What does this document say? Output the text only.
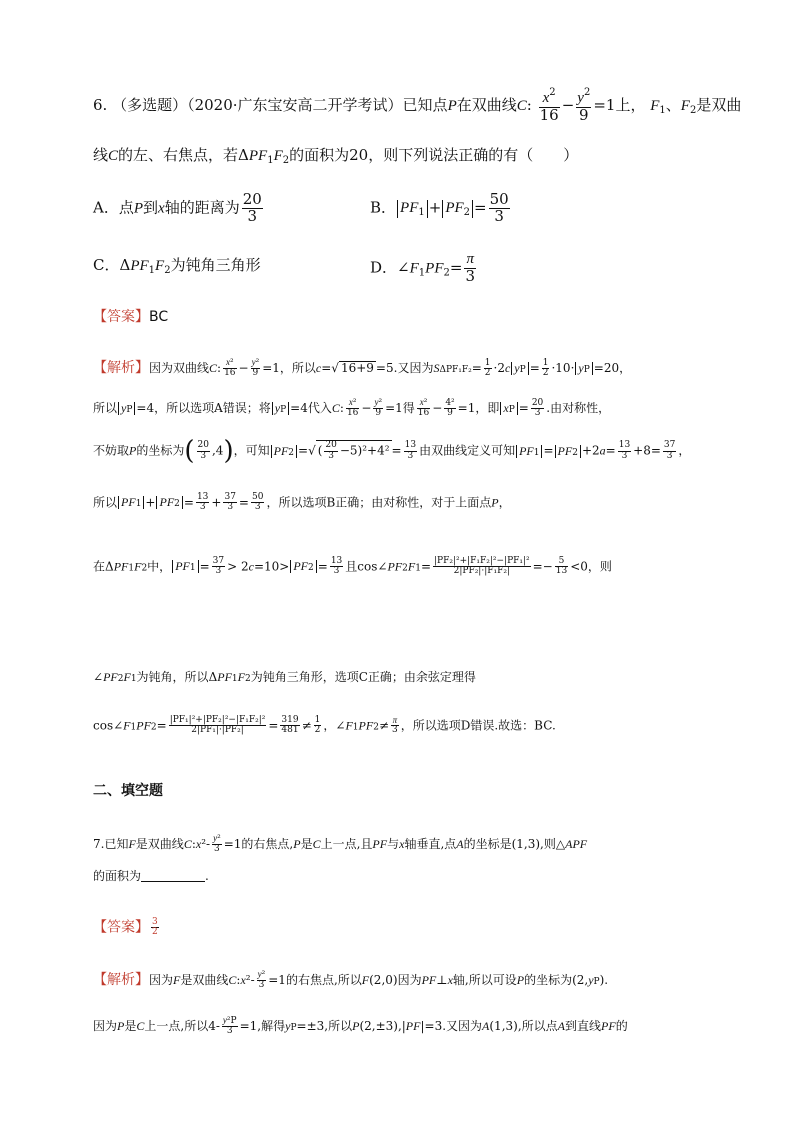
6. （多选题）（2020·广东宝安高二开学考试）已知点P在双曲线C: $\frac{x^2}{16} - \frac{y^2}{9} =1$上， $F_1$、$F_2$是双曲
线C的左、右焦点，若$\Delta PF_1F_2$的面积为20，则下列说法正确的有（　　）
A．点P到x轴的距离为 $\frac{20}{3}$	B． $PF_1 + PF_2 = \frac{50}{3}$
C．$\Delta PF_1F_2$为钝角三角形	D．$\angle F_1PF_2= \frac{\pi}{3}$
【答案】BC
【解析】因为双曲线C: $\frac{\text{x²}}{16} - \frac{\text{y²}}{9} =1$，所以c=√ 16+9 =5.又因为$S\Delta PF_1F_2= \frac{1}{2} \cdot 2c$ yP = $\frac{1}{2} \cdot 10\cdot$ yP =20，
所以 yP =4，所以选项A错误；将 yP =4代入C: $\frac{\text{x²}}{16} - \frac{\text{y²}}{9} =1$得 $\frac{\text{x²}}{16} - \frac{\text{4²}}{9} =1$，即 xP = $\frac{20}{3}$ .由对称性，
不妨取P的坐标为( $\frac{20}{3} ,4$)，可知 PF2 =√ ( $\frac{20}{3} -5)^2+4^2 = \frac{13}{3}$ 由双曲线定义可知 $PF1 = PF2 +2a= \frac{13}{3} +8= \frac{37}{3}$ ，
所以 $PF1 + PF2 = \frac{13}{3} + \frac{37}{3} = \frac{50}{3}$ ，所以选项B正确；由对称性，对于上面点P，
在ΔPF1F2中， $PF1 = \frac{37}{3} > 2c=10> PF2 = \frac{13}{3}$ 且cos∠PF2F1= $\frac{\text{|PF₂|²+|F₁F₂|²−|PF₁|²}}{\text{2|PF₂|·|F₁F₂|}} =- \frac{5}{13} <0$，则
∠PF2F1为钝角，所以ΔPF1F2为钝角三角形，选项C正确；由余弦定理得
cos∠F1PF2= $\frac{\text{|PF₁|²+|PF₂|²−|F₁F₂|²}}{\text{2|PF₁|·|PF₂|}} = \frac{319}{481} \ne \frac{1}{2}$ ，∠F1PF2≠ $\frac{\pi}{3}$ ，所以选项D错误.故选：BC.
二、填空题
7.已知F是双曲线C:x²- $\frac{\text{y²}}{3} =1$的右焦点,P是C上一点,且PF与x轴垂直,点A的坐标是(1,3),则△APF
的面积为	.
【答案】 $\frac{3}{2}$
【解析】因为F是双曲线C:x²- $\frac{\text{y²}}{3} =1$的右焦点,所以F(2,0)因为PF⊥x轴,所以可设P的坐标为(2,yP).
因为P是C上一点,所以$4- \frac{\text{y²P}}{3} =1$,解得yP=±3,所以P(2,±3),|PF|=3.又因为A(1,3),所以点A到直线PF的
